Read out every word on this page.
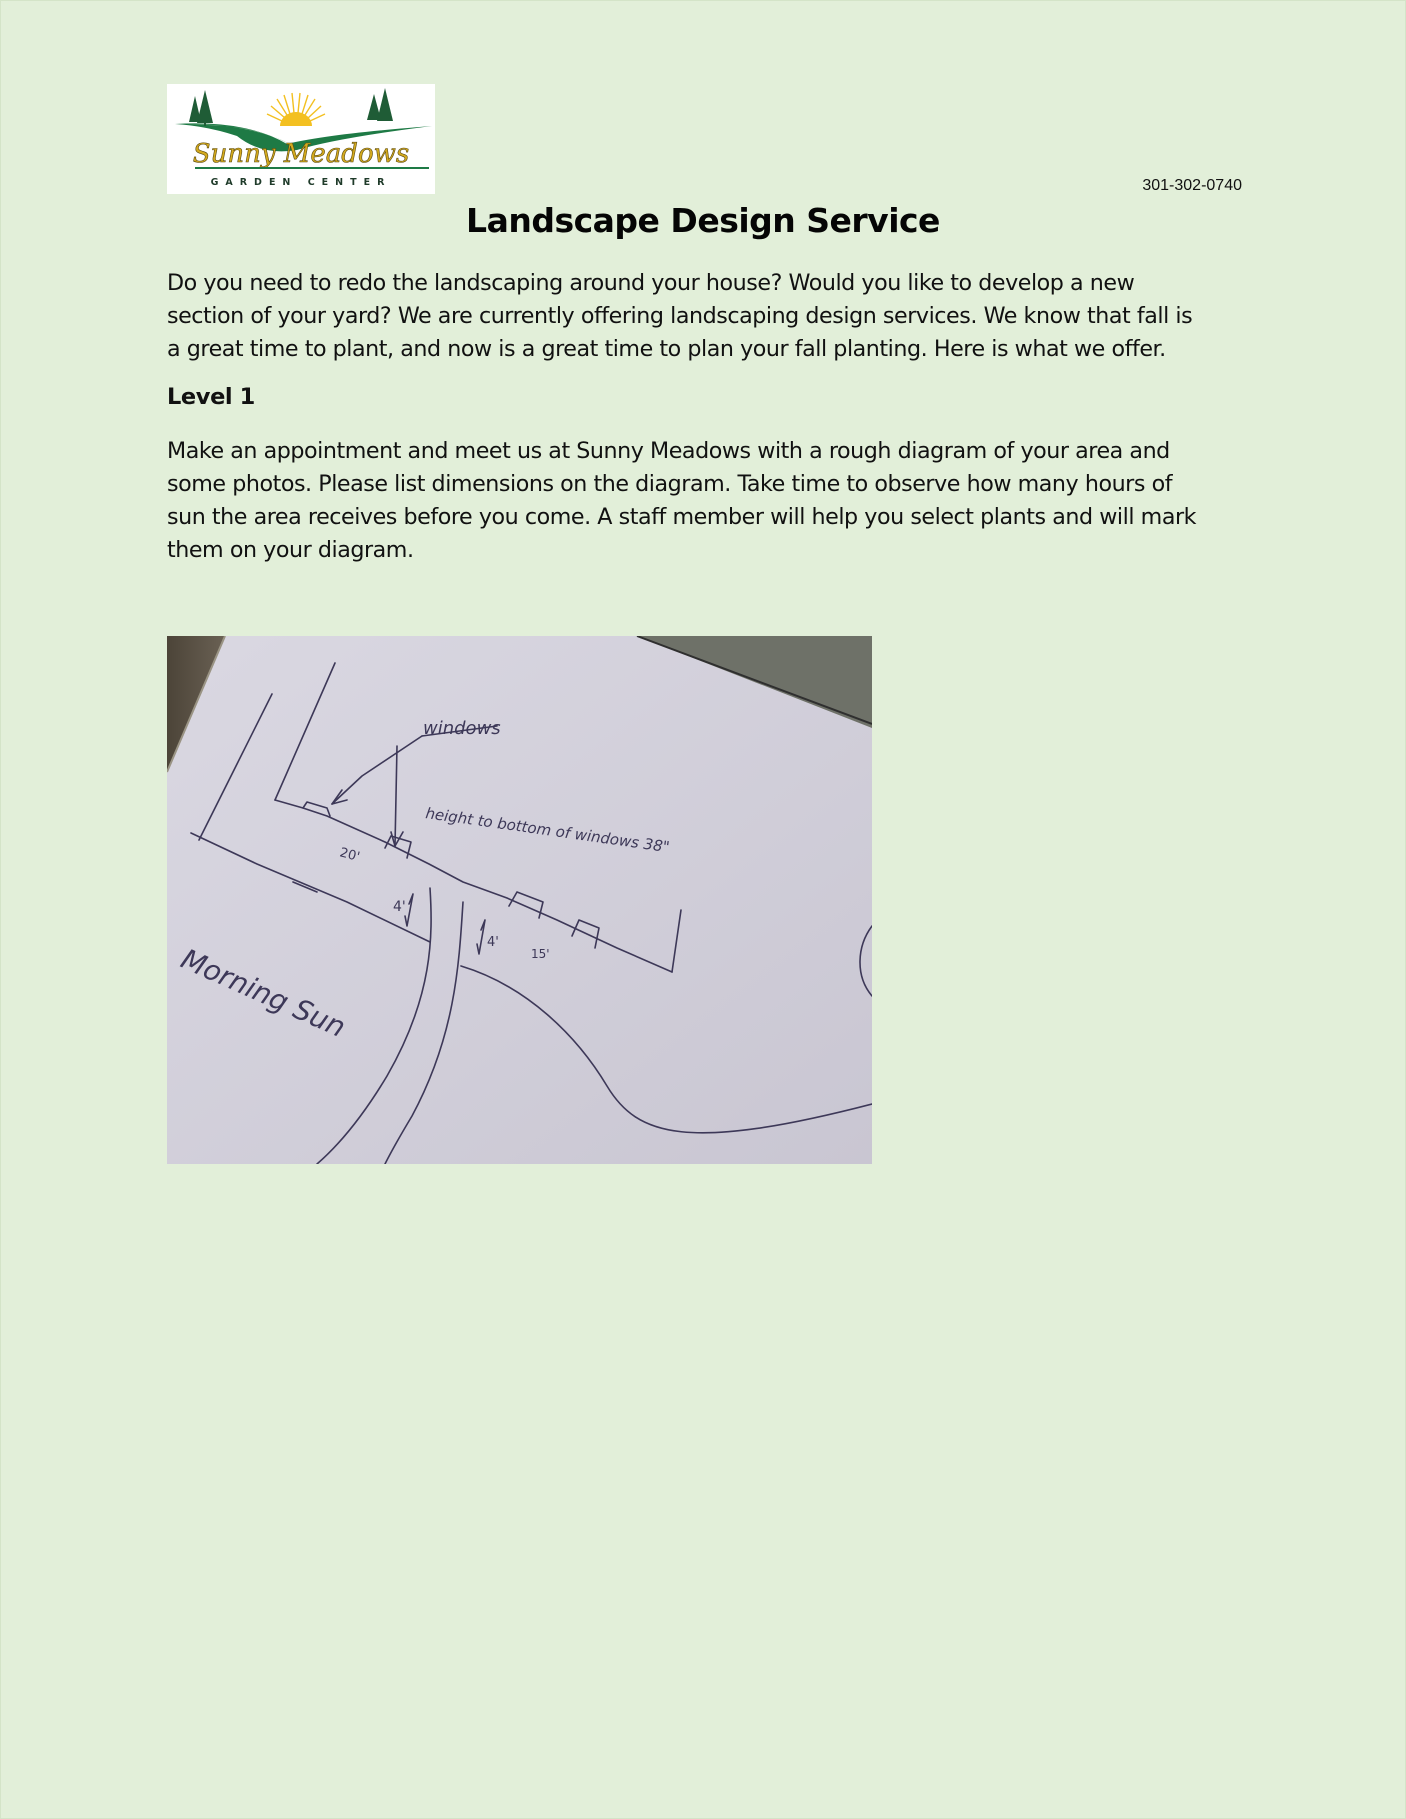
Sunny Meadows
GARDEN CENTER	301-302-0740
Landscape Design Service
Do you need to redo the landscaping around your house? Would you like to develop a new
section of your yard? We are currently offering landscaping design services. We know that fall is
a great time to plant, and now is a great time to plan your fall planting. Here is what we offer.
Level 1
Make an appointment and meet us at Sunny Meadows with a rough diagram of your area and
some photos. Please list dimensions on the diagram. Take time to observe how many hours of
sun the area receives before you come. A staff member will help you select plants and will mark
them on your diagram.
windows
height to bottom of windows 38"
20'
4'
4'
15'
Morning Sun
